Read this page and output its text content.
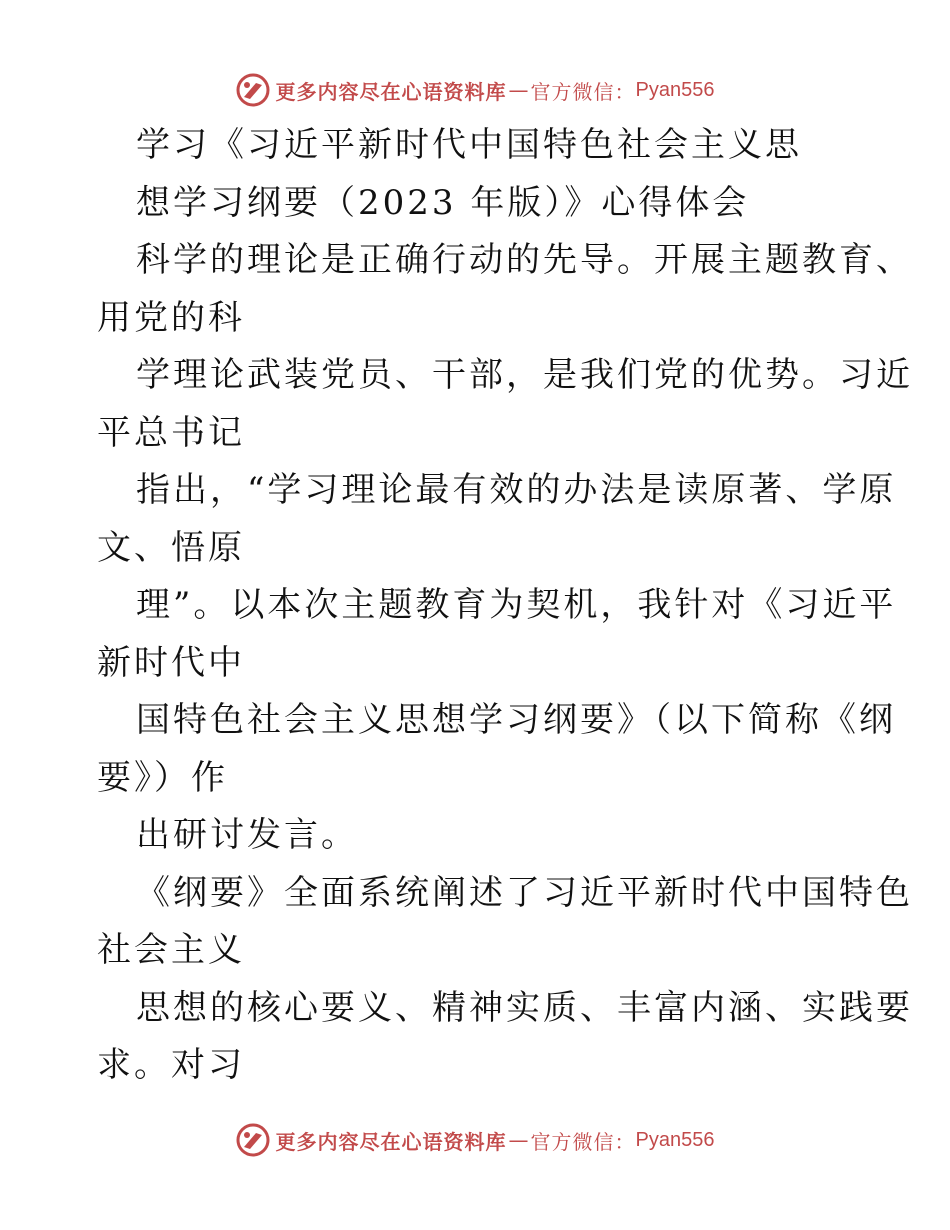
更多内容尽在心语资料库 — 官方微信： Pyan556
学习《习近平新时代中国特色社会主义思
想学习纲要（2023 年版）》心得体会
科学的理论是正确行动的先导。开展主题教育、
用党的科
学理论武装党员、干部，是我们党的优势。习近
平总书记
指出，“学习理论最有效的办法是读原著、学原
文、悟原
理”。以本次主题教育为契机，我针对《习近平
新时代中
国特色社会主义思想学习纲要》（以下简称《纲
要》）作
出研讨发言。
《纲要》全面系统阐述了习近平新时代中国特色
社会主义
思想的核心要义、精神实质、丰富内涵、实践要
求。对习
更多内容尽在心语资料库 — 官方微信： Pyan556
